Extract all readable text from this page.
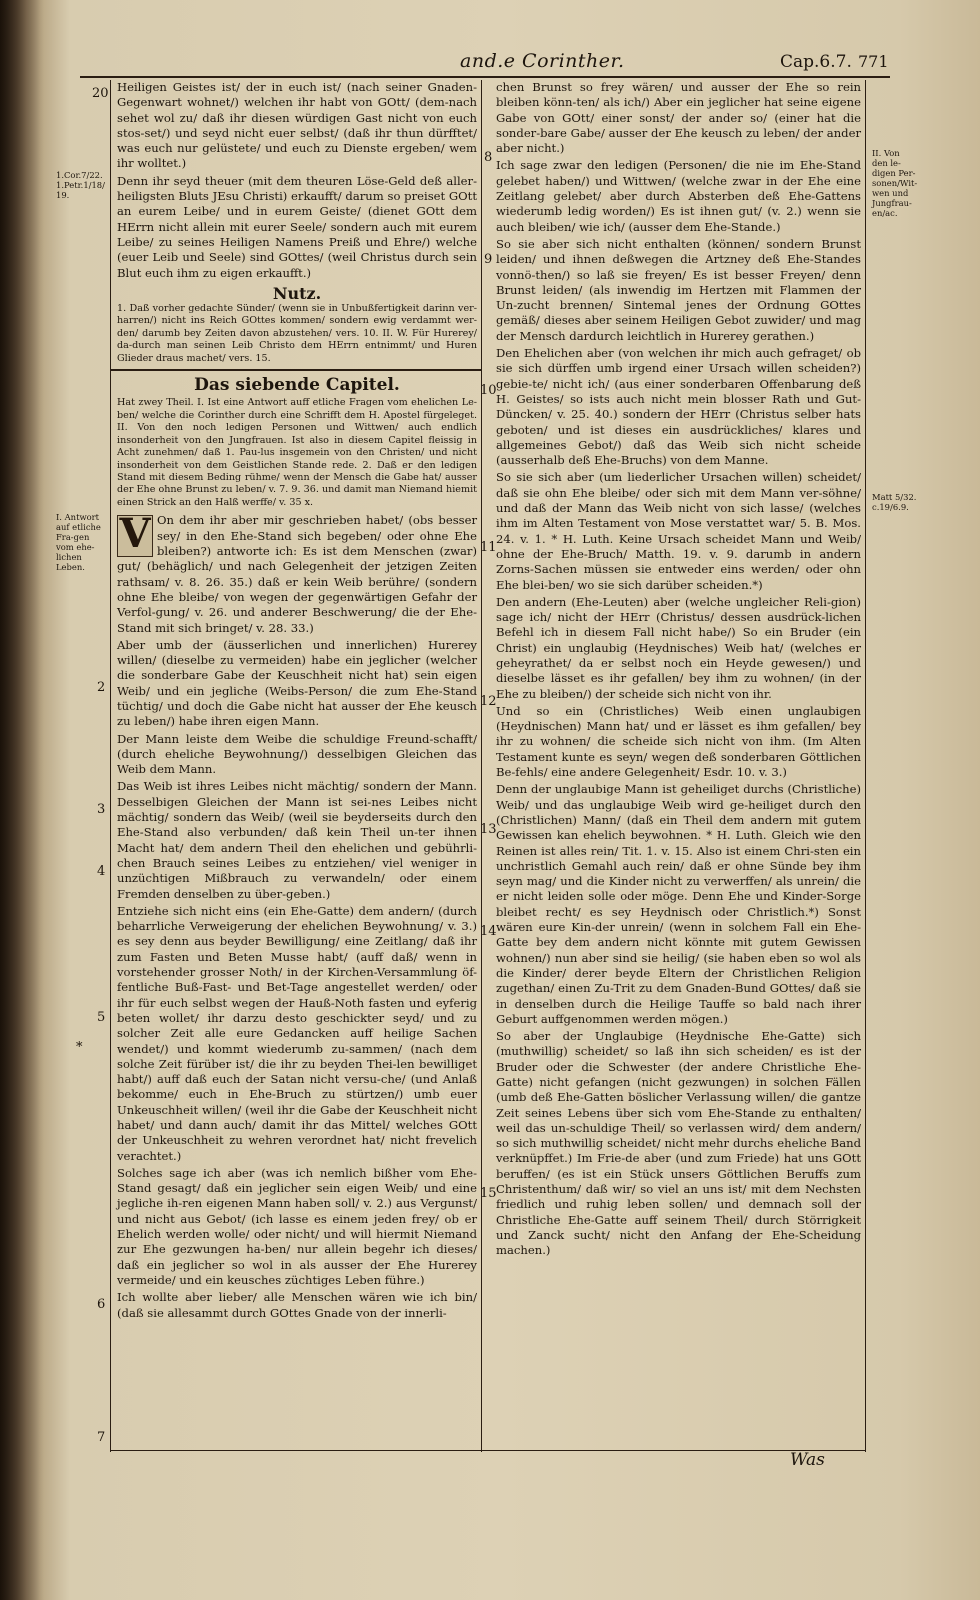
and.e Corinther.	Cap.6.7. 771
1.Cor.7/22. 1.Petr.1/18/ 19.
I. Antwort auf etliche Fra-gen vom ehe-lichen Leben.
*
II. Von den le-digen Per-sonen/Wit-wen und Jungfrau-en/ac.
Matt 5/32. c.19/6.9.
20
2
3
4
5
6
7
8
9
10
11
12
13
14
15

Heiligen Geistes ist/ der in euch ist/ (nach seiner Gnaden-Gegenwart wohnet/) welchen ihr habt von GOtt/ (dem-nach sehet wol zu/ daß ihr diesen würdigen Gast nicht von euch stos-set/) und seyd nicht euer selbst/ (daß ihr thun dürfftet/ was euch nur gelüstete/ und euch zu Dienste ergeben/ wem ihr wolltet.)

Denn ihr seyd theuer (mit dem theuren Löse-Geld deß aller-heiligsten Bluts JEsu Christi) erkaufft/ darum so preiset GOtt an eurem Leibe/ und in eurem Geiste/ (dienet GOtt dem HErrn nicht allein mit eurer Seele/ sondern auch mit eurem Leibe/ zu seines Heiligen Namens Preiß und Ehre/) welche (euer Leib und Seele) sind GOttes/ (weil Christus durch sein Blut euch ihm zu eigen erkaufft.)

Nutz.

1. Daß vorher gedachte Sünder/ (wenn sie in Unbußfertigkeit darinn ver-harren/) nicht ins Reich GOttes kommen/ sondern ewig verdammt wer-den/ darumb bey Zeiten davon abzustehen/ vers. 10. II. W. Für Hurerey/ da-durch man seinen Leib Christo dem HErrn entnimmt/ und Huren Glieder draus machet/ vers. 15.

Das siebende Capitel.

Hat zwey Theil. I. Ist eine Antwort auff etliche Fragen vom ehelichen Le-ben/ welche die Corinther durch eine Schrifft dem H. Apostel fürgeleget. II. Von den noch ledigen Personen und Wittwen/ auch endlich insonderheit von den Jungfrauen. Ist also in diesem Capitel fleissig in Acht zunehmen/ daß 1. Pau-lus insgemein von den Christen/ und nicht insonderheit von dem Geistlichen Stande rede. 2. Daß er den ledigen Stand mit diesem Beding rühme/ wenn der Mensch die Gabe hat/ ausser der Ehe ohne Brunst zu leben/ v. 7. 9. 36. und damit man Niemand hiemit einen Strick an den Halß werffe/ v. 35 x.

V On dem ihr aber mir geschrieben habet/ (obs besser sey/ in den Ehe-Stand sich begeben/ oder ohne Ehe bleiben?) antworte ich: Es ist dem Menschen (zwar) gut/ (behäglich/ und nach Gelegenheit der jetzigen Zeiten rathsam/ v. 8. 26. 35.) daß er kein Weib berühre/ (sondern ohne Ehe bleibe/ von wegen der gegenwärtigen Gefahr der Verfol-gung/ v. 26. und anderer Beschwerung/ die der Ehe-Stand mit sich bringet/ v. 28. 33.)

Aber umb der (äusserlichen und innerlichen) Hurerey willen/ (dieselbe zu vermeiden) habe ein jeglicher (welcher die sonderbare Gabe der Keuschheit nicht hat) sein eigen Weib/ und ein jegliche (Weibs-Person/ die zum Ehe-Stand tüchtig/ und doch die Gabe nicht hat ausser der Ehe keusch zu leben/) habe ihren eigen Mann.

Der Mann leiste dem Weibe die schuldige Freund-schafft/ (durch eheliche Beywohnung/) desselbigen Gleichen das Weib dem Mann.

Das Weib ist ihres Leibes nicht mächtig/ sondern der Mann. Desselbigen Gleichen der Mann ist sei-nes Leibes nicht mächtig/ sondern das Weib/ (weil sie beyderseits durch den Ehe-Stand also verbunden/ daß kein Theil un-ter ihnen Macht hat/ dem andern Theil den ehelichen und gebührli-chen Brauch seines Leibes zu entziehen/ viel weniger in unzüchtigen Mißbrauch zu verwandeln/ oder einem Fremden denselben zu über-geben.)

Entziehe sich nicht eins (ein Ehe-Gatte) dem andern/ (durch beharrliche Verweigerung der ehelichen Beywohnung/ v. 3.) es sey denn aus beyder Bewilligung/ eine Zeitlang/ daß ihr zum Fasten und Beten Musse habt/ (auff daß/ wenn in vorstehender grosser Noth/ in der Kirchen-Versammlung öf-fentliche Buß-Fast- und Bet-Tage angestellet werden/ oder ihr für euch selbst wegen der Hauß-Noth fasten und eyferig beten wollet/ ihr darzu desto geschickter seyd/ und zu solcher Zeit alle eure Gedancken auff heilige Sachen wendet/) und kommt wiederumb zu-sammen/ (nach dem solche Zeit fürüber ist/ die ihr zu beyden Thei-len bewilliget habt/) auff daß euch der Satan nicht versu-che/ (und Anlaß bekomme/ euch in Ehe-Bruch zu stürtzen/) umb euer Unkeuschheit willen/ (weil ihr die Gabe der Keuschheit nicht habet/ und dann auch/ damit ihr das Mittel/ welches GOtt der Unkeuschheit zu wehren verordnet hat/ nicht frevelich verachtet.)

Solches sage ich aber (was ich nemlich bißher vom Ehe-Stand gesagt/ daß ein jeglicher sein eigen Weib/ und eine jegliche ih-ren eigenen Mann haben soll/ v. 2.) aus Vergunst/ und nicht aus Gebot/ (ich lasse es einem jeden frey/ ob er Ehelich werden wolle/ oder nicht/ und will hiermit Niemand zur Ehe gezwungen ha-ben/ nur allein begehr ich dieses/ daß ein jeglicher so wol in als ausser der Ehe Hurerey vermeide/ und ein keusches züchtiges Leben führe.)

Ich wollte aber lieber/ alle Menschen wären wie ich bin/ (daß sie allesammt durch GOttes Gnade von der innerli-

chen Brunst so frey wären/ und ausser der Ehe so rein bleiben könn-ten/ als ich/) Aber ein jeglicher hat seine eigene Gabe von GOtt/ einer sonst/ der ander so/ (einer hat die sonder-bare Gabe/ ausser der Ehe keusch zu leben/ der ander aber nicht.)

Ich sage zwar den ledigen (Personen/ die nie im Ehe-Stand gelebet haben/) und Wittwen/ (welche zwar in der Ehe eine Zeitlang gelebet/ aber durch Absterben deß Ehe-Gattens wiederumb ledig worden/) Es ist ihnen gut/ (v. 2.) wenn sie auch bleiben/ wie ich/ (ausser dem Ehe-Stande.)

So sie aber sich nicht enthalten (können/ sondern Brunst leiden/ und ihnen deßwegen die Artzney deß Ehe-Standes vonnö-then/) so laß sie freyen/ Es ist besser Freyen/ denn Brunst leiden/ (als inwendig im Hertzen mit Flammen der Un-zucht brennen/ Sintemal jenes der Ordnung GOttes gemäß/ dieses aber seinem Heiligen Gebot zuwider/ und mag der Mensch dardurch leichtlich in Hurerey gerathen.)

Den Ehelichen aber (von welchen ihr mich auch gefraget/ ob sie sich dürffen umb irgend einer Ursach willen scheiden?) gebie-te/ nicht ich/ (aus einer sonderbaren Offenbarung deß H. Geistes/ so ists auch nicht mein blosser Rath und Gut-Düncken/ v. 25. 40.) sondern der HErr (Christus selber hats geboten/ und ist dieses ein ausdrückliches/ klares und allgemeines Gebot/) daß das Weib sich nicht scheide (ausserhalb deß Ehe-Bruchs) von dem Manne.

So sie sich aber (um liederlicher Ursachen willen) scheidet/ daß sie ohn Ehe bleibe/ oder sich mit dem Mann ver-söhne/ und daß der Mann das Weib nicht von sich lasse/ (welches ihm im Alten Testament von Mose verstattet war/ 5. B. Mos. 24. v. 1. * H. Luth. Keine Ursach scheidet Mann und Weib/ ohne der Ehe-Bruch/ Matth. 19. v. 9. darumb in andern Zorns-Sachen müssen sie entweder eins werden/ oder ohn Ehe blei-ben/ wo sie sich darüber scheiden.*)

Den andern (Ehe-Leuten) aber (welche ungleicher Reli-gion) sage ich/ nicht der HErr (Christus/ dessen ausdrück-lichen Befehl ich in diesem Fall nicht habe/) So ein Bruder (ein Christ) ein unglaubig (Heydnisches) Weib hat/ (welches er geheyrathet/ da er selbst noch ein Heyde gewesen/) und dieselbe lässet es ihr gefallen/ bey ihm zu wohnen/ (in der Ehe zu bleiben/) der scheide sich nicht von ihr.

Und so ein (Christliches) Weib einen unglaubigen (Heydnischen) Mann hat/ und er lässet es ihm gefallen/ bey ihr zu wohnen/ die scheide sich nicht von ihm. (Im Alten Testament kunte es seyn/ wegen deß sonderbaren Göttlichen Be-fehls/ eine andere Gelegenheit/ Esdr. 10. v. 3.)

Denn der unglaubige Mann ist geheiliget durchs (Christliche) Weib/ und das unglaubige Weib wird ge-heiliget durch den (Christlichen) Mann/ (daß ein Theil dem andern mit gutem Gewissen kan ehelich beywohnen. * H. Luth. Gleich wie den Reinen ist alles rein/ Tit. 1. v. 15. Also ist einem Chri-sten ein unchristlich Gemahl auch rein/ daß er ohne Sünde bey ihm seyn mag/ und die Kinder nicht zu verwerffen/ als unrein/ die er nicht leiden solle oder möge. Denn Ehe und Kinder-Sorge bleibet recht/ es sey Heydnisch oder Christlich.*) Sonst wären eure Kin-der unrein/ (wenn in solchem Fall ein Ehe-Gatte bey dem andern nicht könnte mit gutem Gewissen wohnen/) nun aber sind sie heilig/ (sie haben eben so wol als die Kinder/ derer beyde Eltern der Christlichen Religion zugethan/ einen Zu-Trit zu dem Gnaden-Bund GOttes/ daß sie in denselben durch die Heilige Tauffe so bald nach ihrer Geburt auffgenommen werden mögen.)

So aber der Unglaubige (Heydnische Ehe-Gatte) sich (muthwillig) scheidet/ so laß ihn sich scheiden/ es ist der Bruder oder die Schwester (der andere Christliche Ehe-Gatte) nicht gefangen (nicht gezwungen) in solchen Fällen (umb deß Ehe-Gatten böslicher Verlassung willen/ die gantze Zeit seines Lebens über sich vom Ehe-Stande zu enthalten/ weil das un-schuldige Theil/ so verlassen wird/ dem andern/ so sich muthwillig scheidet/ nicht mehr durchs eheliche Band verknüpffet.) Im Frie-de aber (und zum Friede) hat uns GOtt beruffen/ (es ist ein Stück unsers Göttlichen Beruffs zum Christenthum/ daß wir/ so viel an uns ist/ mit dem Nechsten friedlich und ruhig leben sollen/ und demnach soll der Christliche Ehe-Gatte auff seinem Theil/ durch Störrigkeit und Zanck sucht/ nicht den Anfang der Ehe-Scheidung machen.)

Was
